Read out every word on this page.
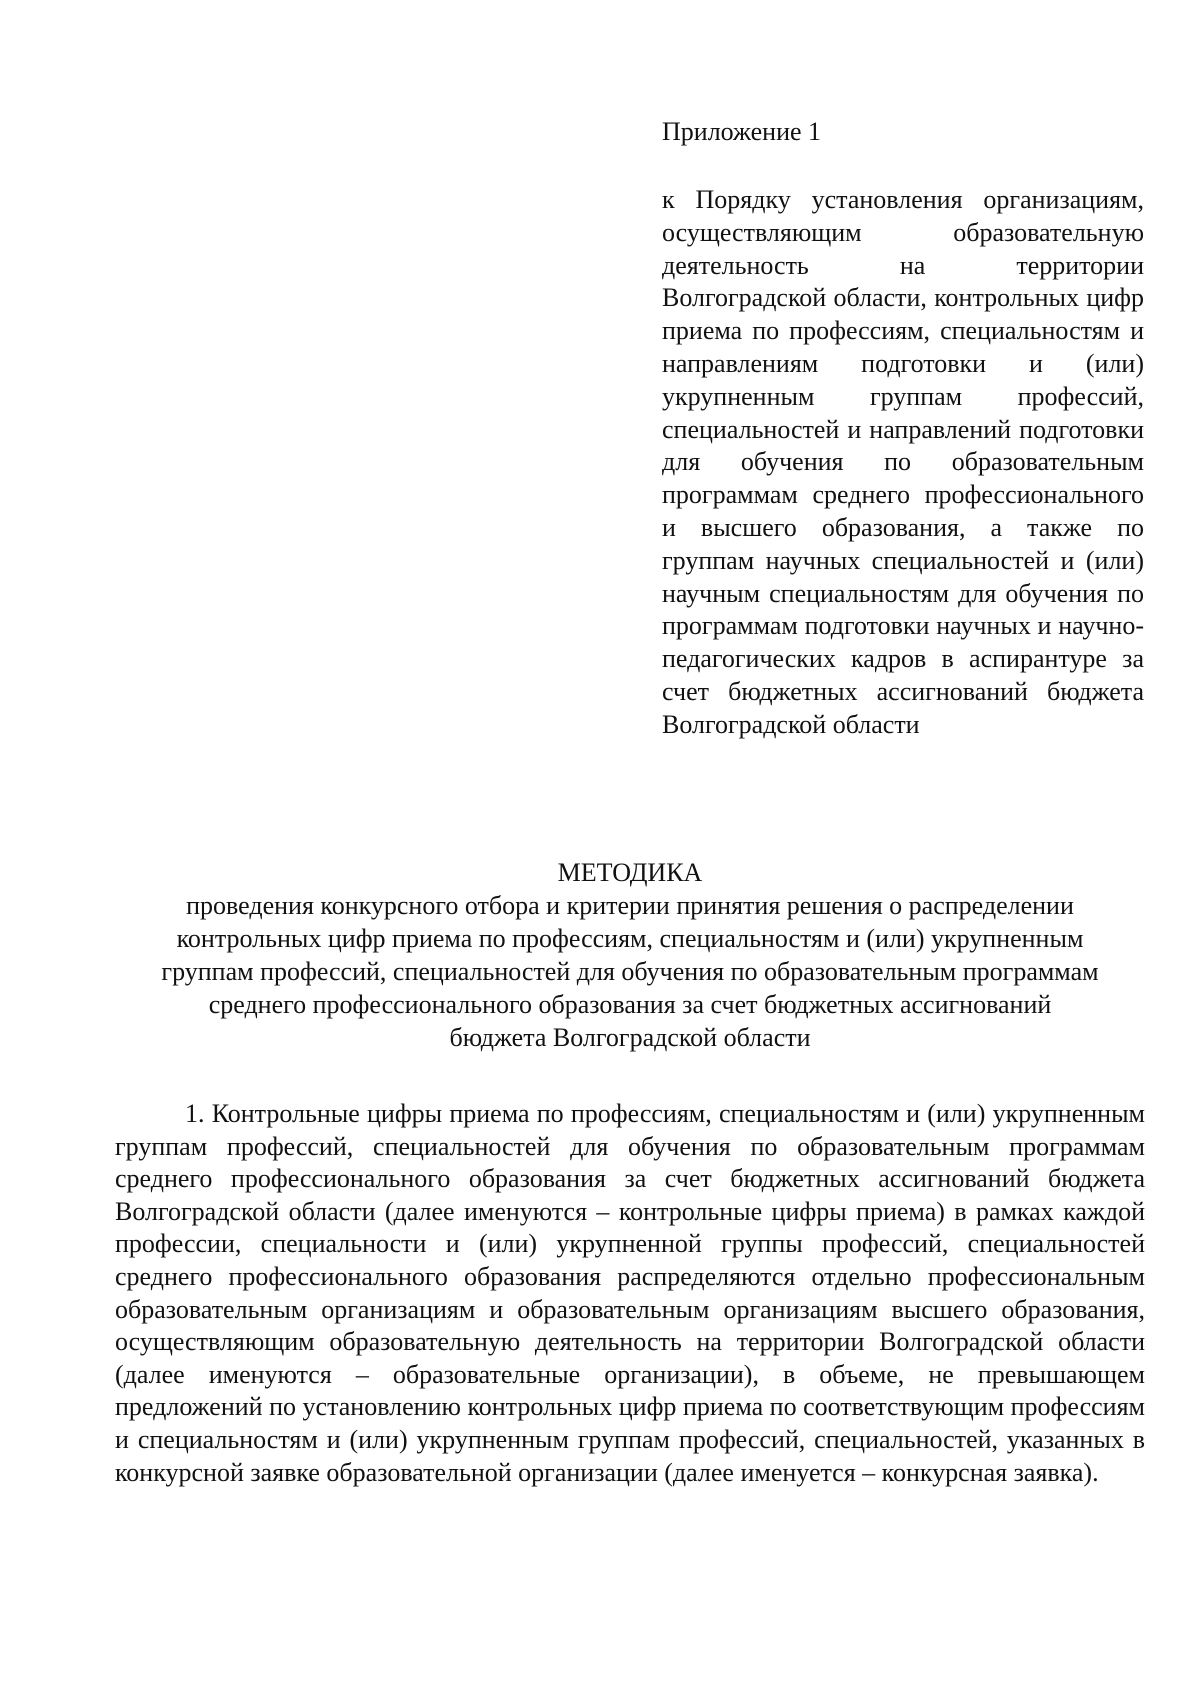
Приложение 1

к Порядку установления организациям, осуществляющим образовательную деятельность на территории Волгоградской области, контрольных цифр приема по профессиям, специальностям и направлениям подготовки и (или) укрупненным группам профессий, специальностей и направлений подготовки для обучения по образовательным программам среднего профессионального и высшего образования, а также по группам научных специальностей и (или) научным специальностям для обучения по программам подготовки научных и научно-педагогических кадров в аспирантуре за счет бюджетных ассигнований бюджета Волгоградской области

МЕТОДИКА

проведения конкурсного отбора и критерии принятия решения о распределении
контрольных цифр приема по профессиям, специальностям и (или) укрупненным
группам профессий, специальностей для обучения по образовательным программам
среднего профессионального образования за счет бюджетных ассигнований
бюджета Волгоградской области

1. Контрольные цифры приема по профессиям, специальностям и (или) укрупненным группам профессий, специальностей для обучения по образовательным программам среднего профессионального образования за счет бюджетных ассигнований бюджета Волгоградской области (далее именуются – контрольные цифры приема) в рамках каждой профессии, специальности и (или) укрупненной группы профессий, специальностей среднего профессионального образования распределяются отдельно профессиональным образовательным организациям и образовательным организациям высшего образования, осуществляющим образовательную деятельность на территории Волгоградской области (далее именуются – образовательные организации), в объеме, не превышающем предложений по установлению контрольных цифр приема по соответствующим профессиям и специальностям и (или) укрупненным группам профессий, специальностей, указанных в конкурсной заявке образовательной организации (далее именуется – конкурсная заявка).
